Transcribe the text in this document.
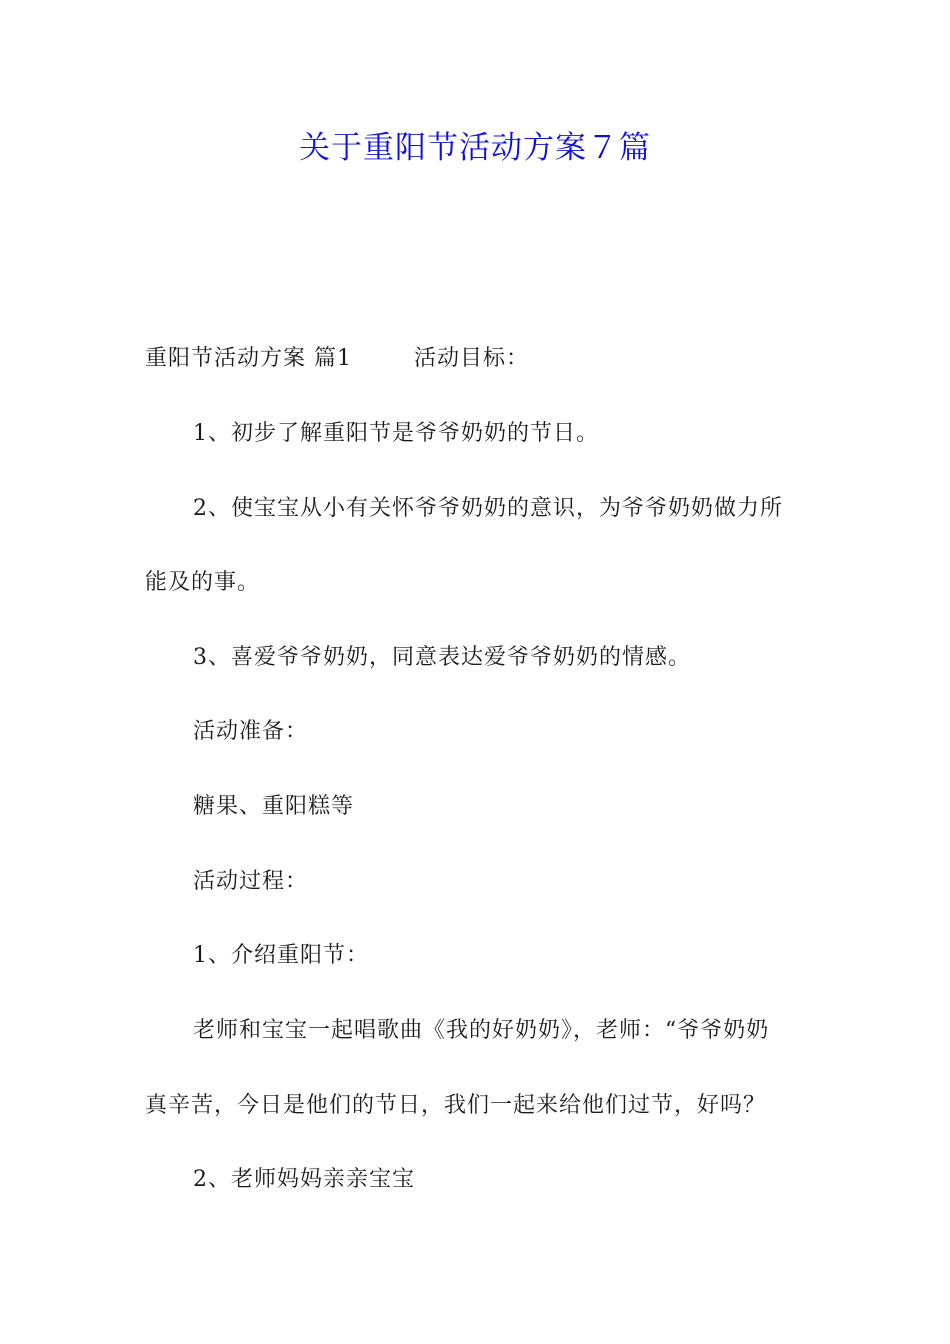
关于重阳节活动方案７篇
重阳节活动方案 篇1	活动目标：
1、初步了解重阳节是爷爷奶奶的节日。
2、使宝宝从小有关怀爷爷奶奶的意识，为爷爷奶奶做力所
能及的事。
3、喜爱爷爷奶奶，同意表达爱爷爷奶奶的情感。
活动准备：
糖果、重阳糕等
活动过程：
1、介绍重阳节：
老师和宝宝一起唱歌曲《我的好奶奶》，老师：“爷爷奶奶
真辛苦，今日是他们的节日，我们一起来给他们过节，好吗？
2、老师妈妈亲亲宝宝
